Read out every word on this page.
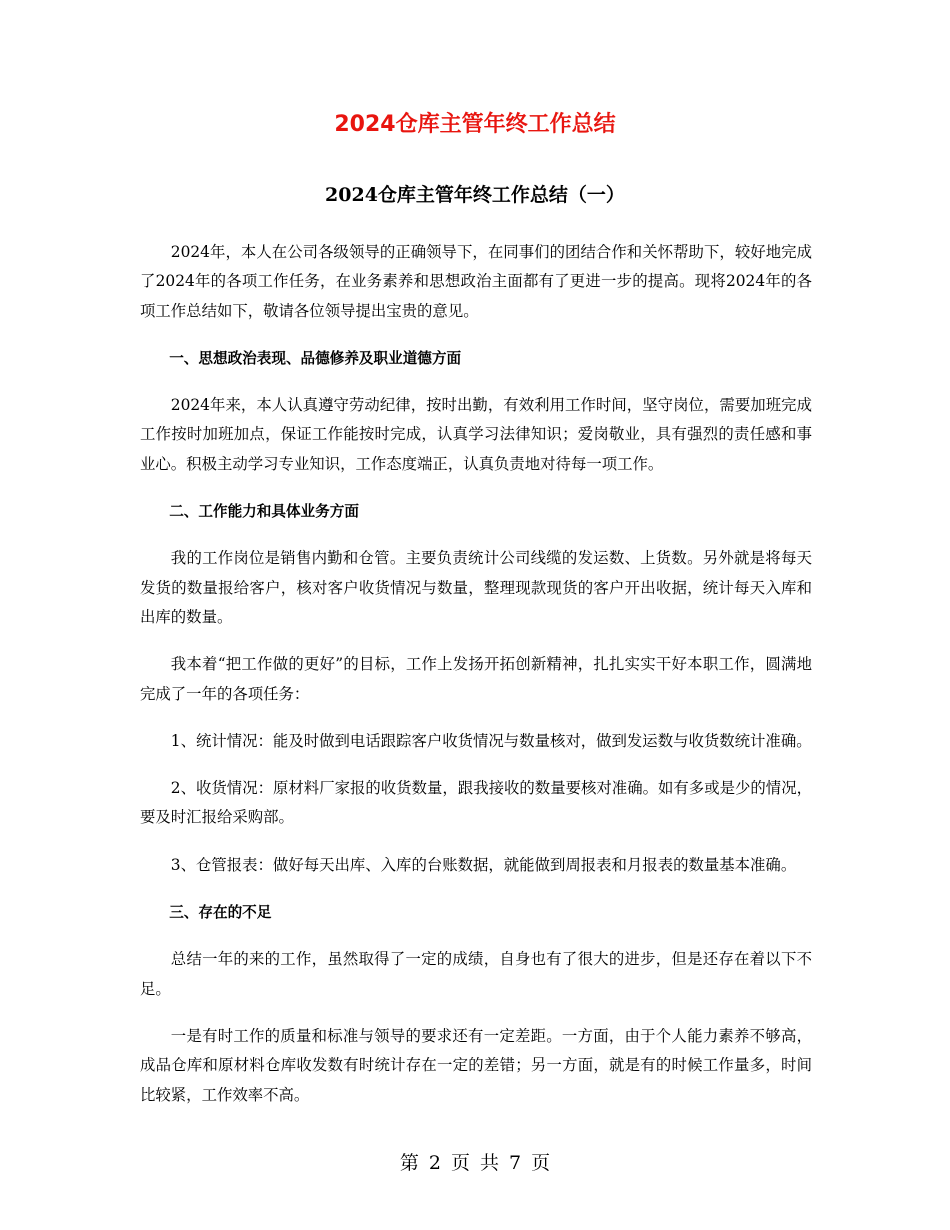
2024仓库主管年终工作总结
2024仓库主管年终工作总结（一）

2024年，本人在公司各级领导的正确领导下，在同事们的团结合作和关怀帮助下，较好地完成了2024年的各项工作任务，在业务素养和思想政治主面都有了更进一步的提高。现将2024年的各项工作总结如下，敬请各位领导提出宝贵的意见。

一、思想政治表现、品德修养及职业道德方面

2024年来，本人认真遵守劳动纪律，按时出勤，有效利用工作时间，坚守岗位，需要加班完成工作按时加班加点，保证工作能按时完成，认真学习法律知识；爱岗敬业，具有强烈的责任感和事业心。积极主动学习专业知识，工作态度端正，认真负责地对待每一项工作。

二、工作能力和具体业务方面

我的工作岗位是销售内勤和仓管。主要负责统计公司线缆的发运数、上货数。另外就是将每天发货的数量报给客户，核对客户收货情况与数量，整理现款现货的客户开出收据，统计每天入库和出库的数量。

我本着“把工作做的更好”的目标，工作上发扬开拓创新精神，扎扎实实干好本职工作，圆满地完成了一年的各项任务：

1、统计情况：能及时做到电话跟踪客户收货情况与数量核对，做到发运数与收货数统计准确。

2、收货情况：原材料厂家报的收货数量，跟我接收的数量要核对准确。如有多或是少的情况，要及时汇报给采购部。

3、仓管报表：做好每天出库、入库的台账数据，就能做到周报表和月报表的数量基本准确。

三、存在的不足

总结一年的来的工作，虽然取得了一定的成绩，自身也有了很大的进步，但是还存在着以下不足。

一是有时工作的质量和标准与领导的要求还有一定差距。一方面，由于个人能力素养不够高，成品仓库和原材料仓库收发数有时统计存在一定的差错；另一方面，就是有的时候工作量多，时间比较紧，工作效率不高。

第 2 页 共 7 页
